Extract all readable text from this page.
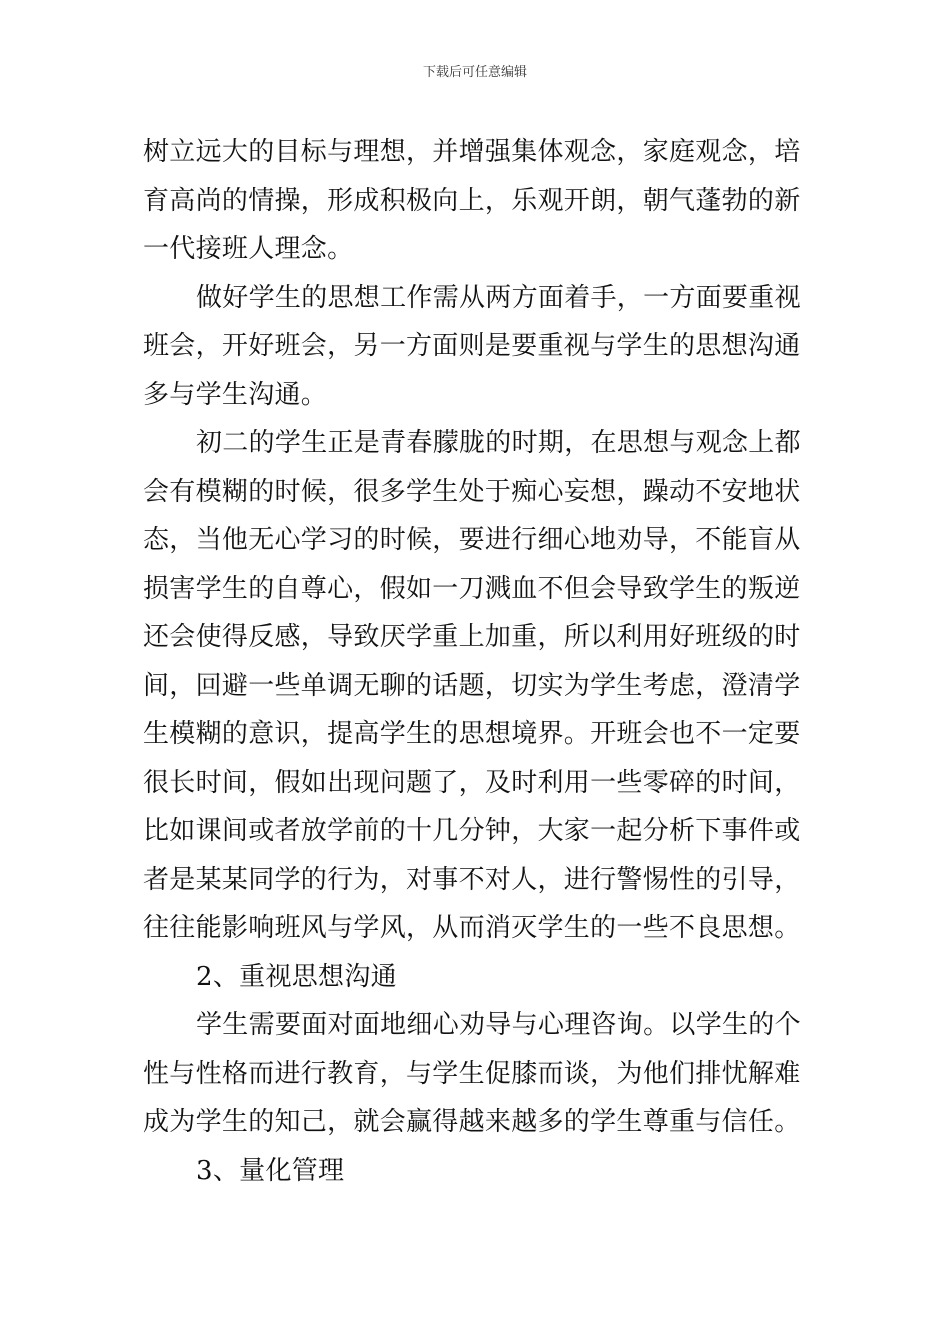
下载后可任意编辑
树立远大的目标与理想，并增强集体观念，家庭观念，培
育高尚的情操，形成积极向上，乐观开朗，朝气蓬勃的新
一代接班人理念。
做好学生的思想工作需从两方面着手，一方面要重视
班会，开好班会，另一方面则是要重视与学生的思想沟通
多与学生沟通。
初二的学生正是青春朦胧的时期，在思想与观念上都
会有模糊的时候，很多学生处于痴心妄想，躁动不安地状
态，当他无心学习的时候，要进行细心地劝导，不能盲从
损害学生的自尊心，假如一刀溅血不但会导致学生的叛逆
还会使得反感，导致厌学重上加重，所以利用好班级的时
间，回避一些单调无聊的话题，切实为学生考虑，澄清学
生模糊的意识，提高学生的思想境界。开班会也不一定要
很长时间，假如出现问题了，及时利用一些零碎的时间，
比如课间或者放学前的十几分钟，大家一起分析下事件或
者是某某同学的行为，对事不对人，进行警惕性的引导，
往往能影响班风与学风，从而消灭学生的一些不良思想。
2、重视思想沟通
学生需要面对面地细心劝导与心理咨询。以学生的个
性与性格而进行教育，与学生促膝而谈，为他们排忧解难
成为学生的知己，就会赢得越来越多的学生尊重与信任。
3、量化管理
